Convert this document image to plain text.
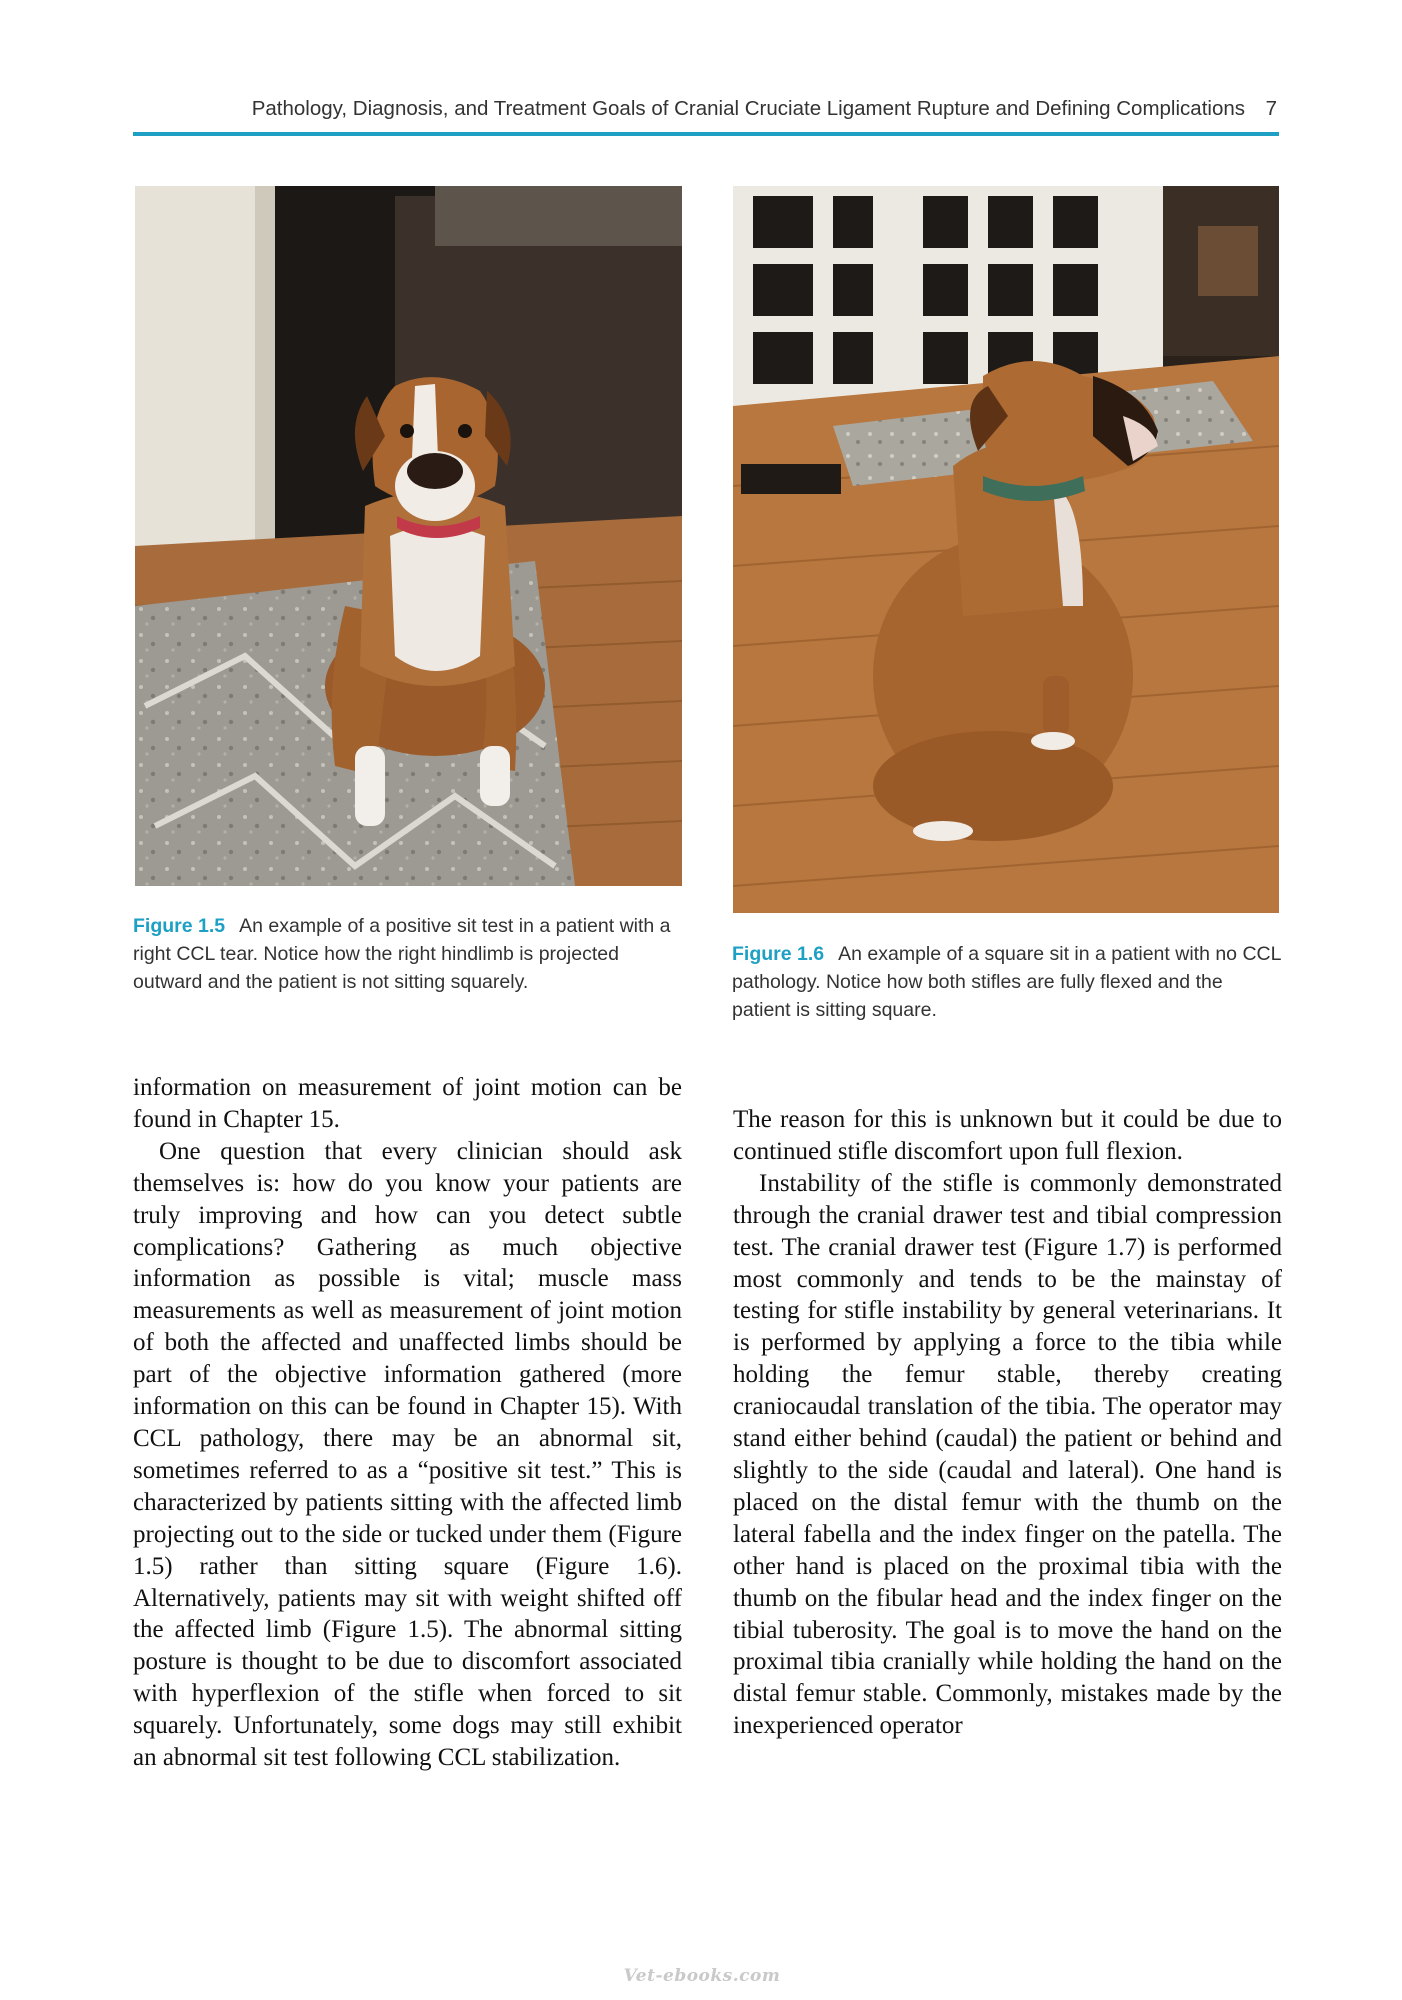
Pathology, Diagnosis, and Treatment Goals of Cranial Cruciate Ligament Rupture and Defining Complications 7
Figure 1.5 An example of a positive sit test in a patient with a right CCL tear. Notice how the right hindlimb is projected outward and the patient is not sitting squarely.
Figure 1.6 An example of a square sit in a patient with no CCL pathology. Notice how both stifles are fully flexed and the patient is sitting square.

information on measurement of joint motion can be found in Chapter 15.

One question that every clinician should ask themselves is: how do you know your patients are truly improving and how can you detect subtle complications? Gathering as much objective information as possible is vital; muscle mass measurements as well as measurement of joint motion of both the affected and unaffected limbs should be part of the objective information gathered (more information on this can be found in Chapter 15). With CCL pathology, there may be an abnormal sit, sometimes referred to as a “positive sit test.” This is characterized by patients sitting with the affected limb projecting out to the side or tucked under them (Figure 1.5) rather than sitting square (Figure 1.6). Alternatively, patients may sit with weight shifted off the affected limb (Figure 1.5). The abnormal sitting posture is thought to be due to discomfort associated with hyperflexion of the stifle when forced to sit squarely. Unfortunately, some dogs may still exhibit an abnormal sit test following CCL stabilization.

The reason for this is unknown but it could be due to continued stifle discomfort upon full flexion.

Instability of the stifle is commonly demonstrated through the cranial drawer test and tibial compression test. The cranial drawer test (Figure 1.7) is performed most commonly and tends to be the mainstay of testing for stifle instability by general veterinarians. It is performed by applying a force to the tibia while holding the femur stable, thereby creating craniocaudal translation of the tibia. The operator may stand either behind (caudal) the patient or behind and slightly to the side (caudal and lateral). One hand is placed on the distal femur with the thumb on the lateral fabella and the index finger on the patella. The other hand is placed on the proximal tibia with the thumb on the fibular head and the index finger on the tibial tuberosity. The goal is to move the hand on the proximal tibia cranially while holding the hand on the distal femur stable. Commonly, mistakes made by the inexperienced operator

Vet-ebooks.com
